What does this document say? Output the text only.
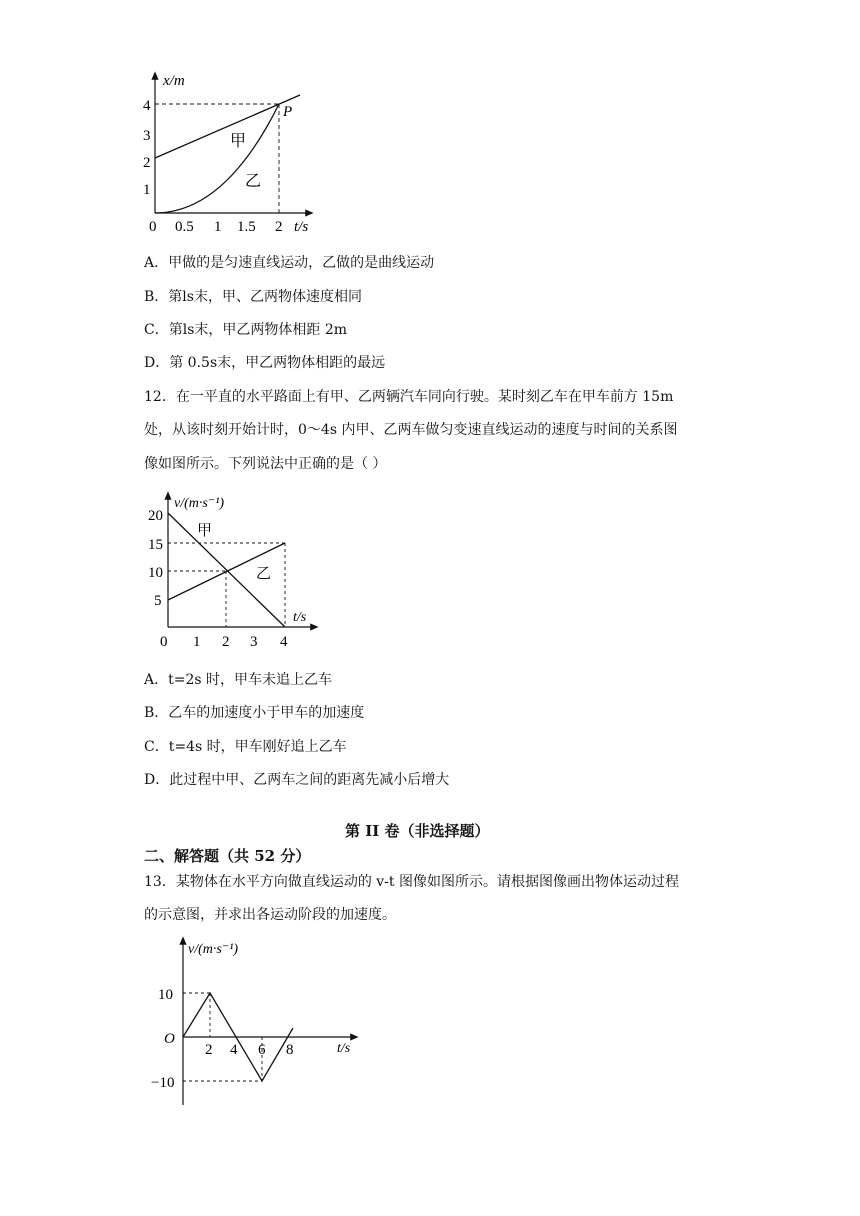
x/m
t/s
0
1
2
3
4
0.5 1 1.5 2
P
甲
乙
A．甲做的是匀速直线运动，乙做的是曲线运动
B．第ls末，甲、乙两物体速度相同
C．第ls末，甲乙两物体相距 2m
D．第 0.5s末，甲乙两物体相距的最远
12．在一平直的水平路面上有甲、乙两辆汽车同向行驶。某时刻乙车在甲车前方 15m
处，从该时刻开始计时，0～4s 内甲、乙两车做匀变速直线运动的速度与时间的关系图
像如图所示。下列说法中正确的是（ ）
v/(m·s⁻¹)
t/s
0
5
10
15
20
1 2 3 4
甲
乙
A．t=2s 时，甲车未追上乙车
B．乙车的加速度小于甲车的加速度
C．t=4s 时，甲车刚好追上乙车
D．此过程中甲、乙两车之间的距离先减小后增大
第 II 卷（非选择题）
二、解答题（共 52 分）
13．某物体在水平方向做直线运动的 v-t 图像如图所示。请根据图像画出物体运动过程
的示意图，并求出各运动阶段的加速度。
v/(m·s⁻¹)
t/s
O
10
−10
2 4 6 8
